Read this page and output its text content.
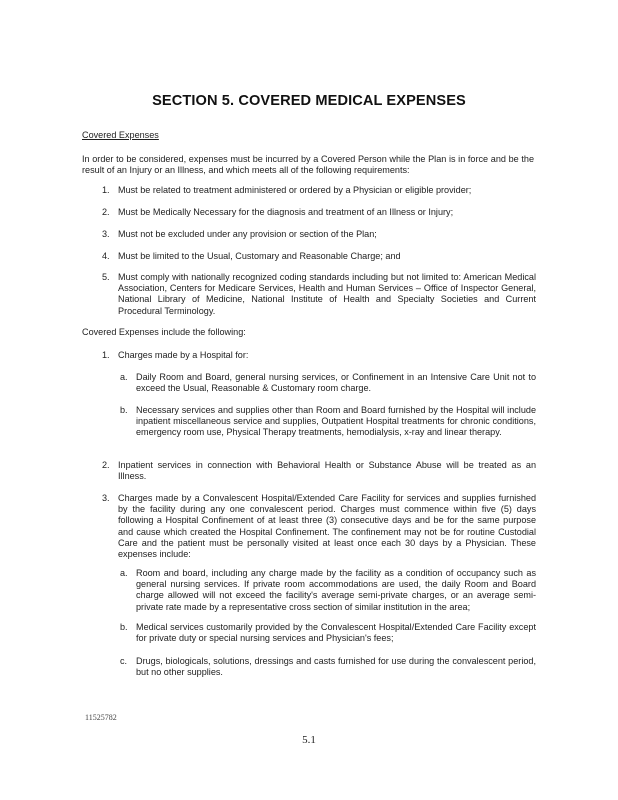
SECTION 5. COVERED MEDICAL EXPENSES
Covered Expenses
In order to be considered, expenses must be incurred by a Covered Person while the Plan is in force and be the result of an Injury or an Illness, and which meets all of the following requirements:
1. Must be related to treatment administered or ordered by a Physician or eligible provider;
2. Must be Medically Necessary for the diagnosis and treatment of an Illness or Injury;
3. Must not be excluded under any provision or section of the Plan;
4. Must be limited to the Usual, Customary and Reasonable Charge; and
5. Must comply with nationally recognized coding standards including but not limited to: American Medical Association, Centers for Medicare Services, Health and Human Services – Office of Inspector General, National Library of Medicine, National Institute of Health and Specialty Societies and Current Procedural Terminology.
Covered Expenses include the following:
1. Charges made by a Hospital for:
a. Daily Room and Board, general nursing services, or Confinement in an Intensive Care Unit not to exceed the Usual, Reasonable & Customary room charge.
b. Necessary services and supplies other than Room and Board furnished by the Hospital will include inpatient miscellaneous service and supplies, Outpatient Hospital treatments for chronic conditions, emergency room use, Physical Therapy treatments, hemodialysis, x-ray and linear therapy.
2. Inpatient services in connection with Behavioral Health or Substance Abuse will be treated as an Illness.
3. Charges made by a Convalescent Hospital/Extended Care Facility for services and supplies furnished by the facility during any one convalescent period. Charges must commence within five (5) days following a Hospital Confinement of at least three (3) consecutive days and be for the same purpose and cause which created the Hospital Confinement. The confinement may not be for routine Custodial Care and the patient must be personally visited at least once each 30 days by a Physician. These expenses include:
a. Room and board, including any charge made by the facility as a condition of occupancy such as general nursing services. If private room accommodations are used, the daily Room and Board charge allowed will not exceed the facility's average semi-private charges, or an average semi-private rate made by a representative cross section of similar institution in the area;
b. Medical services customarily provided by the Convalescent Hospital/Extended Care Facility except for private duty or special nursing services and Physician's fees;
c. Drugs, biologicals, solutions, dressings and casts furnished for use during the convalescent period, but no other supplies.
11525782
5.1
